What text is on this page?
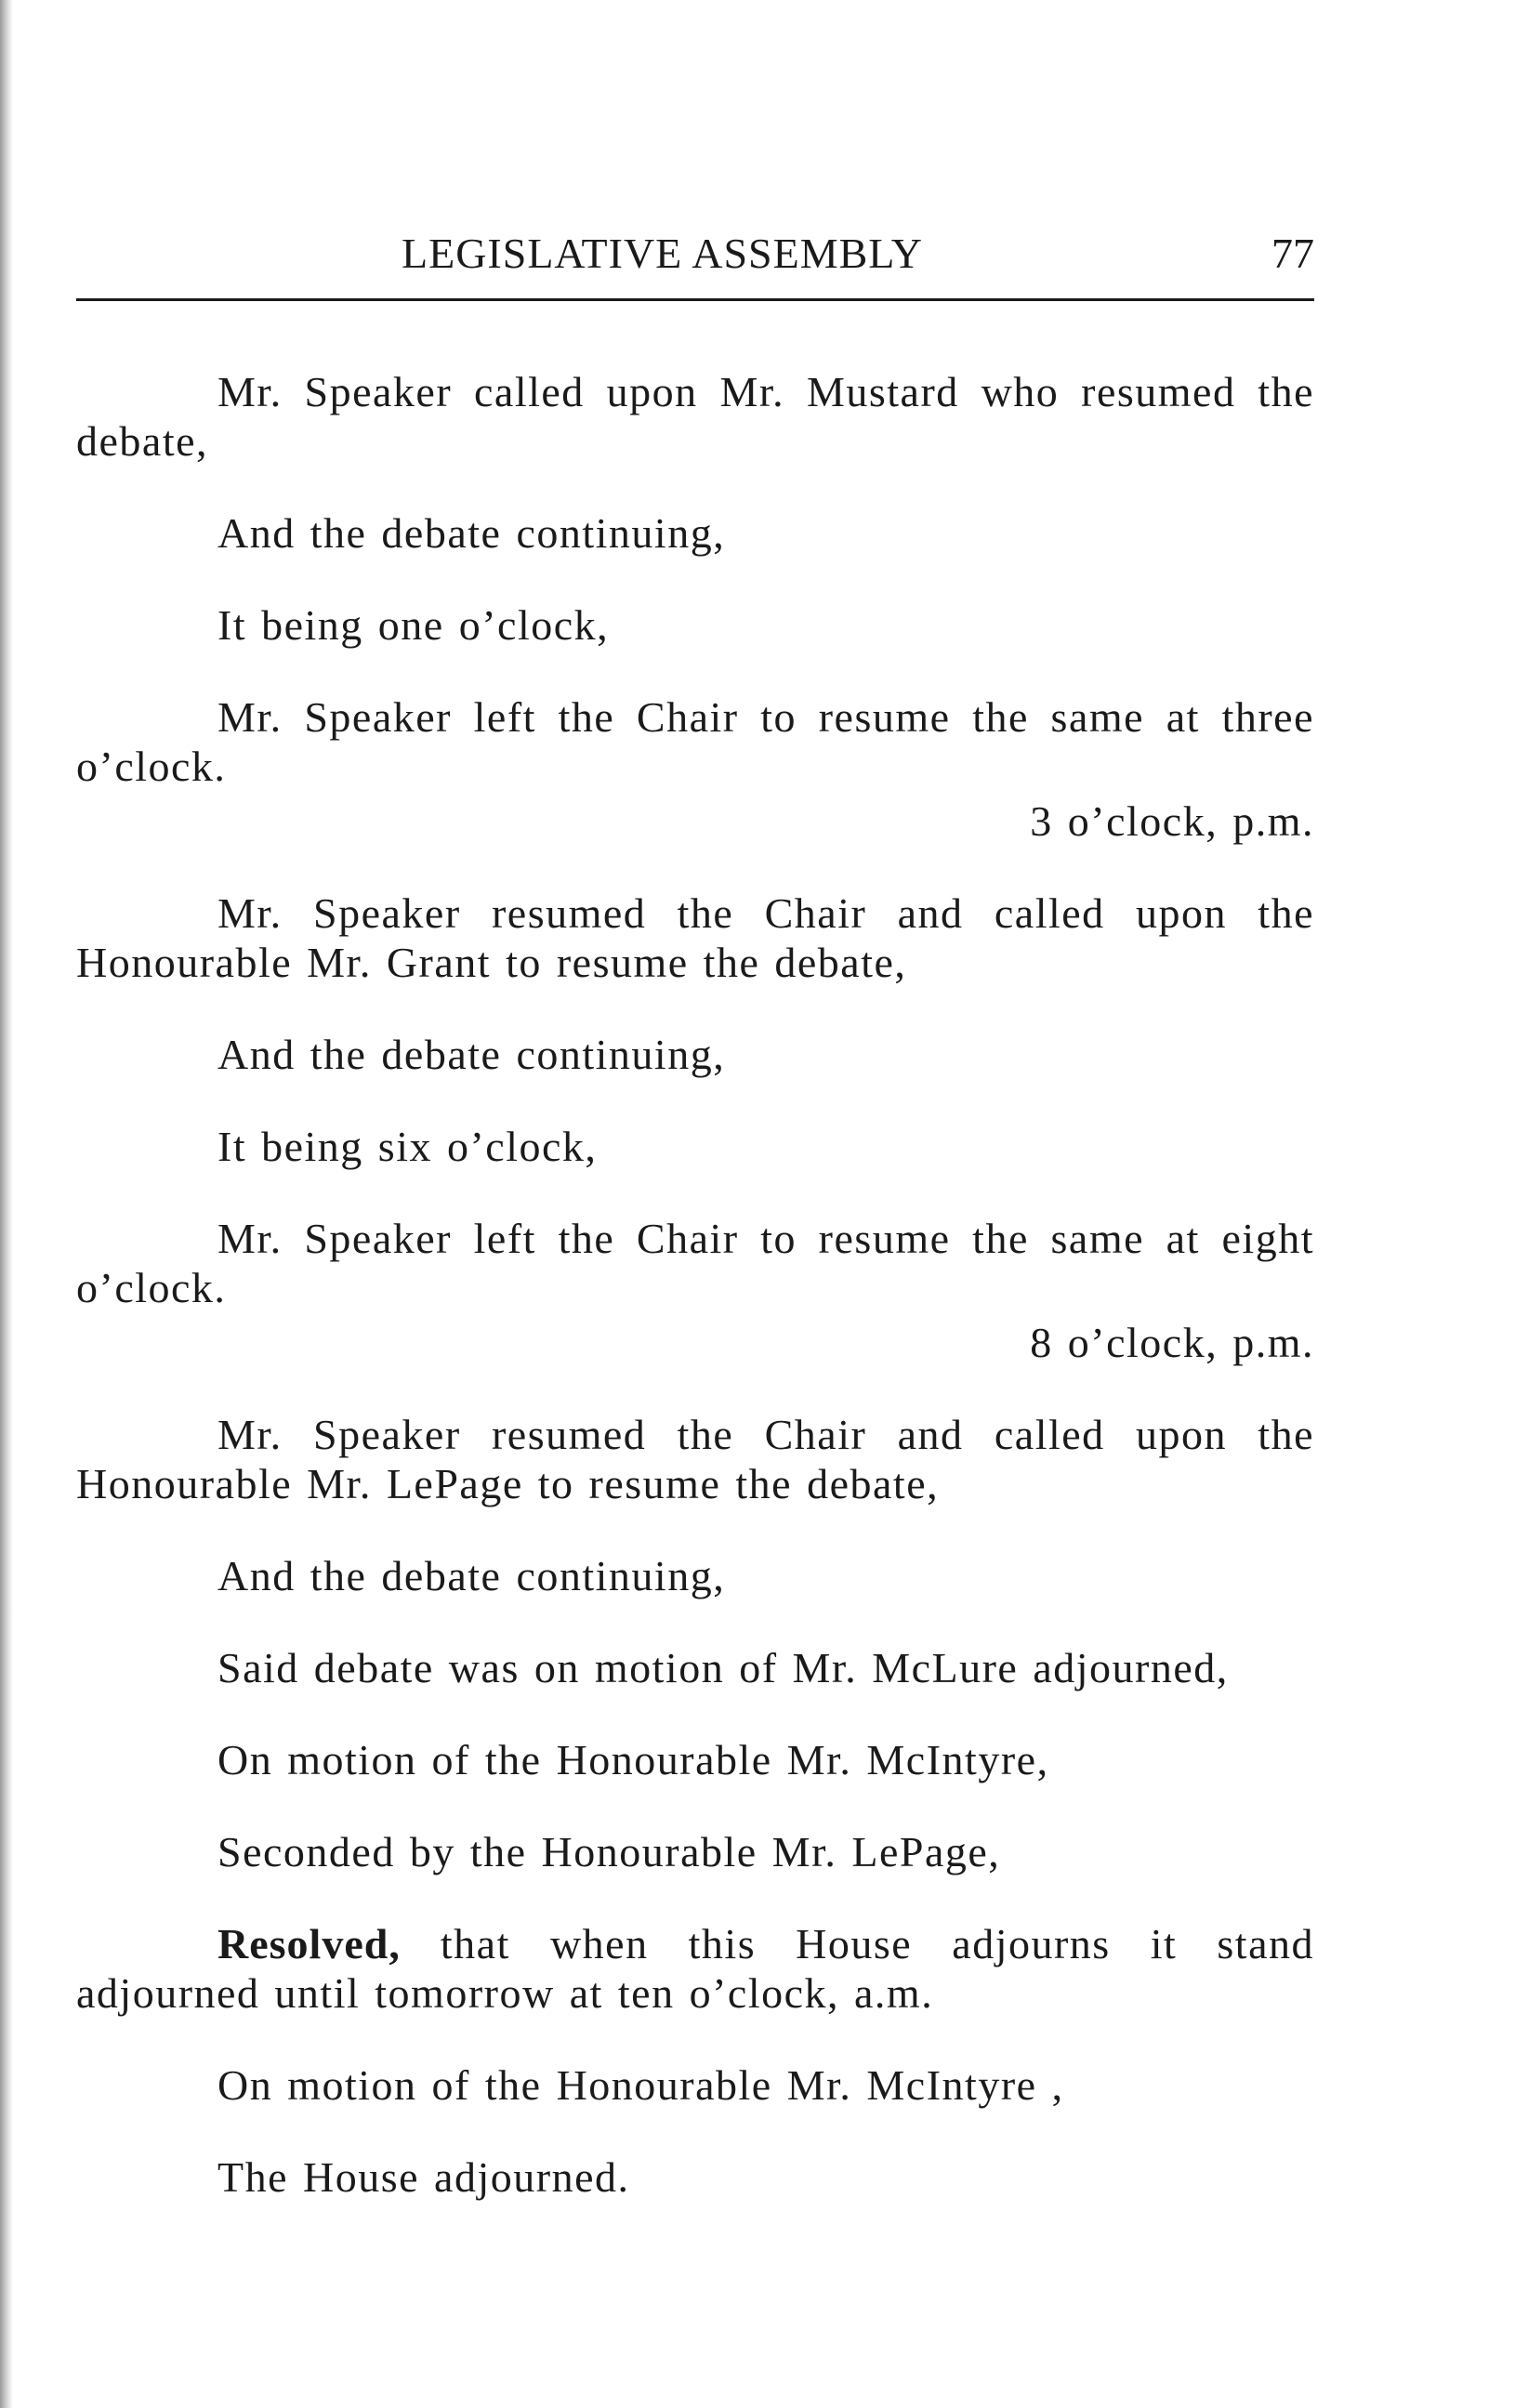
LEGISLATIVE ASSEMBLY	77

Mr. Speaker called upon Mr. Mustard who resumed the debate,

And the debate continuing,

It being one o’clock,

Mr. Speaker left the Chair to resume the same at three o’clock.

3 o’clock, p.m.

Mr. Speaker resumed the Chair and called upon the Honourable Mr. Grant to resume the debate,

And the debate continuing,

It being six o’clock,

Mr. Speaker left the Chair to resume the same at eight o’clock.

8 o’clock, p.m.

Mr. Speaker resumed the Chair and called upon the Honourable Mr. LePage to resume the debate,

And the debate continuing,

Said debate was on motion of Mr. McLure adjourned,

On motion of the Honourable Mr. McIntyre,

Seconded by the Honourable Mr. LePage,

Resolved, that when this House adjourns it stand adjourned until tomorrow at ten o’clock, a.m.

On motion of the Honourable Mr. McIntyre ,

The House adjourned.
